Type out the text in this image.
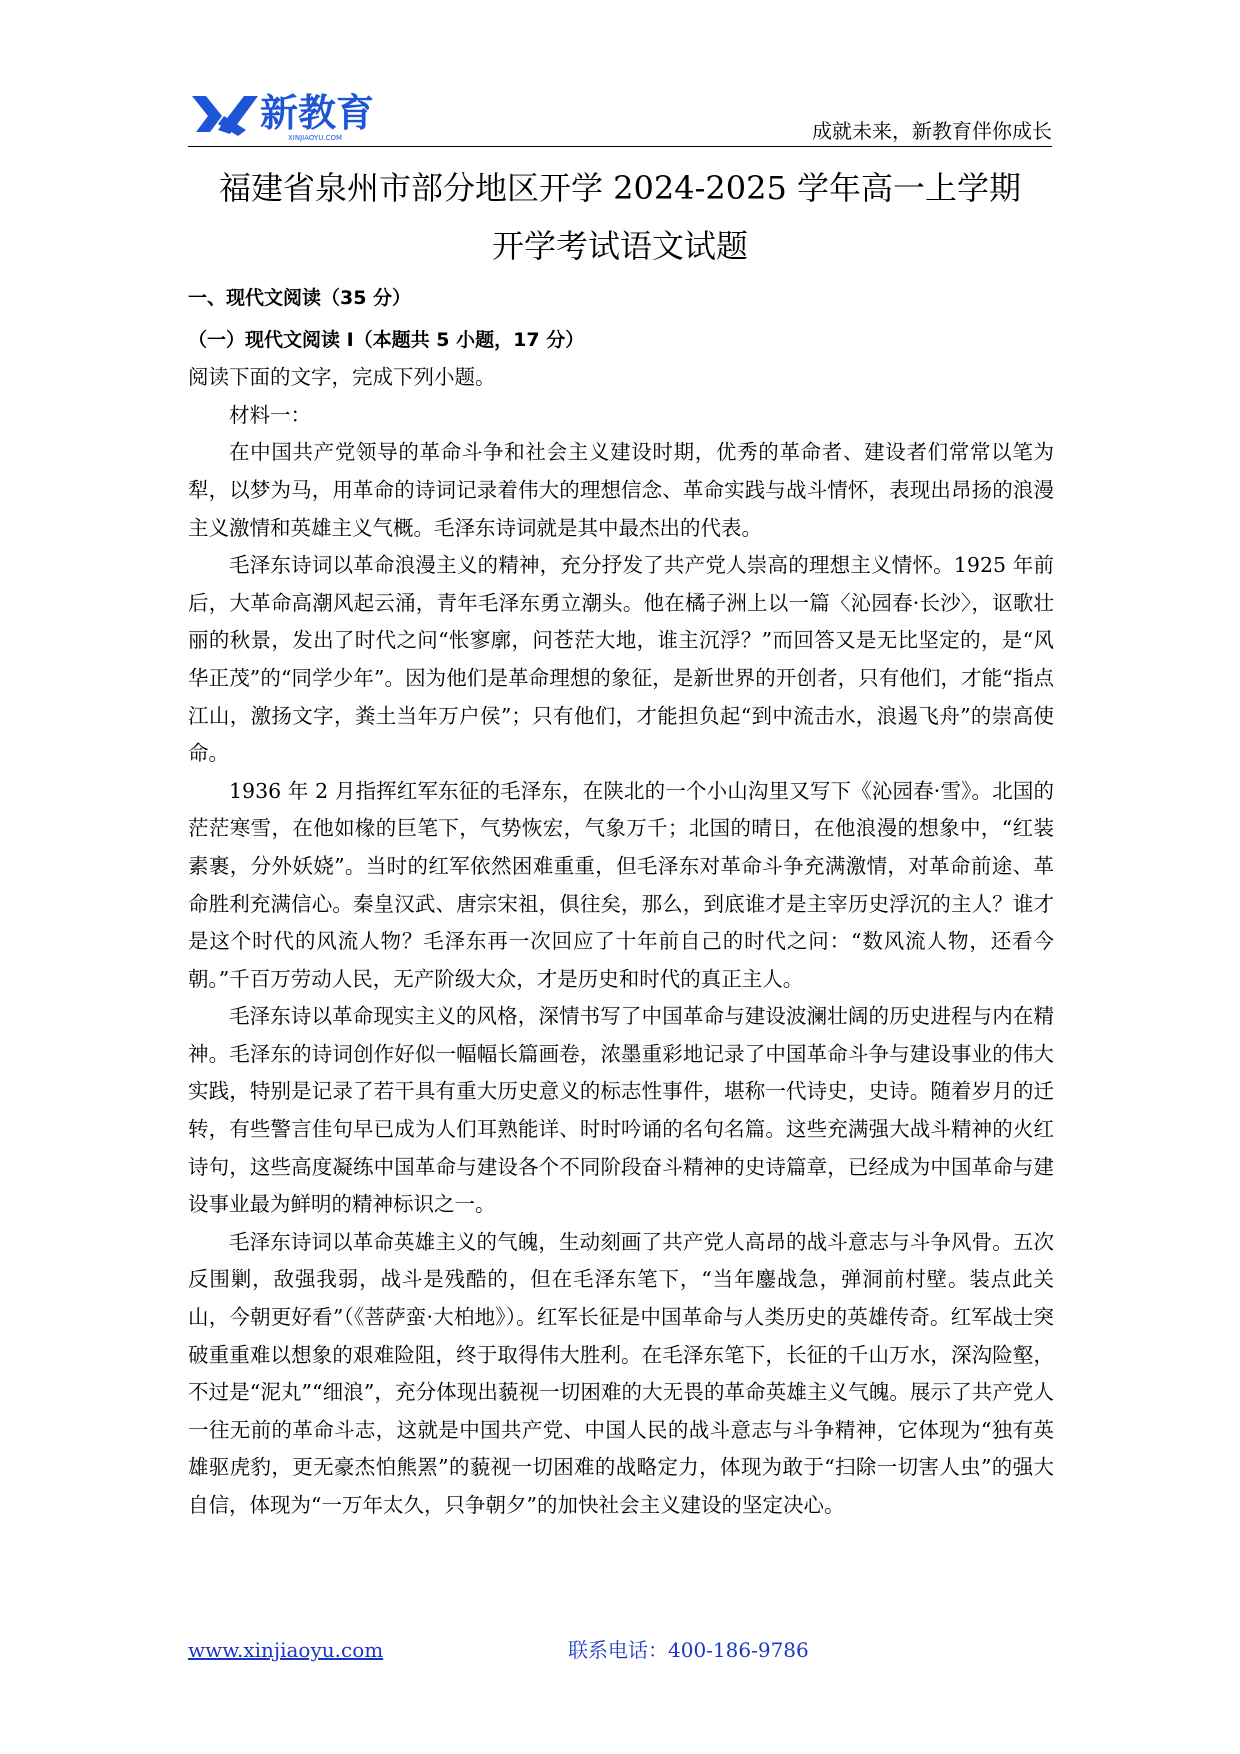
新教育
XINJIAOYU.COM	成就未来，新教育伴你成长
福建省泉州市部分地区开学 2024-2025 学年高一上学期
开学考试语文试题

一、现代文阅读（35 分）

（一）现代文阅读 I（本题共 5 小题，17 分）

阅读下面的文字，完成下列小题。

材料一：

在中国共产党领导的革命斗争和社会主义建设时期，优秀的革命者、建设者们常常以笔为犁，以梦为马，用革命的诗词记录着伟大的理想信念、革命实践与战斗情怀，表现出昂扬的浪漫主义激情和英雄主义气概。毛泽东诗词就是其中最杰出的代表。

毛泽东诗词以革命浪漫主义的精神，充分抒发了共产党人崇高的理想主义情怀。1925 年前后，大革命高潮风起云涌，青年毛泽东勇立潮头。他在橘子洲上以一篇〈沁园春·长沙〉，讴歌壮丽的秋景，发出了时代之问“怅寥廓，问苍茫大地，谁主沉浮？”而回答又是无比坚定的，是“风华正茂”的“同学少年”。因为他们是革命理想的象征，是新世界的开创者，只有他们，才能“指点江山，激扬文字，粪土当年万户侯”；只有他们，才能担负起“到中流击水，浪遏飞舟”的崇高使命。

1936 年 2 月指挥红军东征的毛泽东，在陕北的一个小山沟里又写下《沁园春·雪》。北国的茫茫寒雪，在他如椽的巨笔下，气势恢宏，气象万千；北国的晴日，在他浪漫的想象中，“红装素裹，分外妖娆”。当时的红军依然困难重重，但毛泽东对革命斗争充满激情，对革命前途、革命胜利充满信心。秦皇汉武、唐宗宋祖，俱往矣，那么，到底谁才是主宰历史浮沉的主人？谁才是这个时代的风流人物？毛泽东再一次回应了十年前自己的时代之问：“数风流人物，还看今朝。”千百万劳动人民，无产阶级大众，才是历史和时代的真正主人。

毛泽东诗以革命现实主义的风格，深情书写了中国革命与建设波澜壮阔的历史进程与内在精神。毛泽东的诗词创作好似一幅幅长篇画卷，浓墨重彩地记录了中国革命斗争与建设事业的伟大实践，特别是记录了若干具有重大历史意义的标志性事件，堪称一代诗史，史诗。随着岁月的迁转，有些警言佳句早已成为人们耳熟能详、时时吟诵的名句名篇。这些充满强大战斗精神的火红诗句，这些高度凝练中国革命与建设各个不同阶段奋斗精神的史诗篇章，已经成为中国革命与建设事业最为鲜明的精神标识之一。

毛泽东诗词以革命英雄主义的气魄，生动刻画了共产党人高昂的战斗意志与斗争风骨。五次反围剿，敌强我弱，战斗是残酷的，但在毛泽东笔下，“当年鏖战急，弹洞前村壁。装点此关山，今朝更好看”（《菩萨蛮·大柏地》）。红军长征是中国革命与人类历史的英雄传奇。红军战士突破重重难以想象的艰难险阻，终于取得伟大胜利。在毛泽东笔下，长征的千山万水，深沟险壑，不过是“泥丸”“细浪”，充分体现出藐视一切困难的大无畏的革命英雄主义气魄。展示了共产党人一往无前的革命斗志，这就是中国共产党、中国人民的战斗意志与斗争精神，它体现为“独有英雄驱虎豹，更无豪杰怕熊罴”的藐视一切困难的战略定力，体现为敢于“扫除一切害人虫”的强大自信，体现为“一万年太久，只争朝夕”的加快社会主义建设的坚定决心。

www.xinjiaoyu.com	联系电话：400-186-9786
